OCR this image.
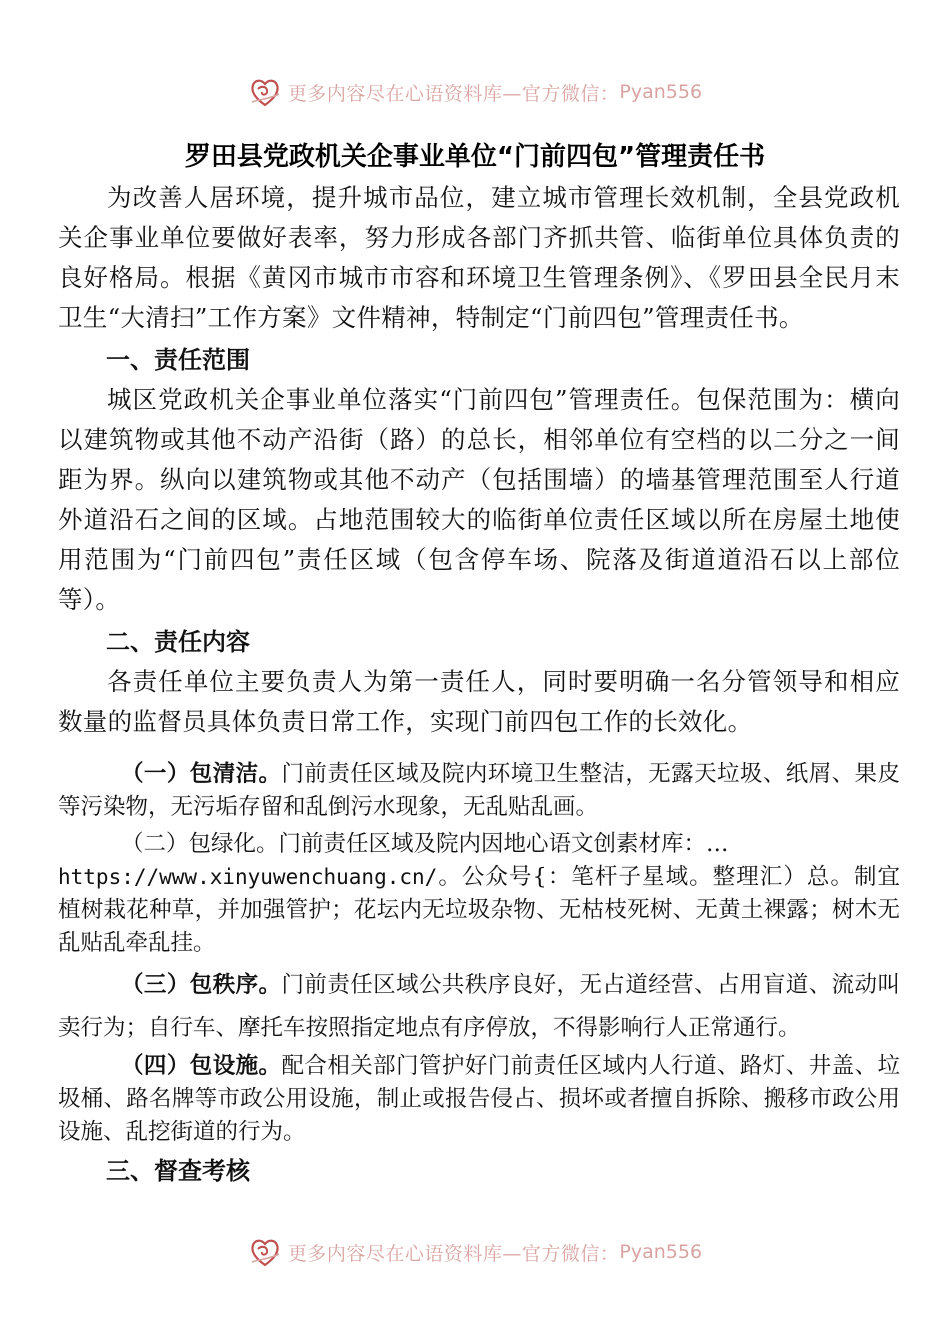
更多内容尽在心语资料库—官方微信： Pyan556
罗田县党政机关企事业单位“门前四包”管理责任书

为改善人居环境，提升城市品位，建立城市管理长效机制，全县党政机关企事业单位要做好表率，努力形成各部门齐抓共管、临街单位具体负责的良好格局。根据《黄冈市城市市容和环境卫生管理条例》、《罗田县全民月末卫生“大清扫”工作方案》文件精神，特制定“门前四包”管理责任书。

一、责任范围

城区党政机关企事业单位落实“门前四包”管理责任。包保范围为：横向以建筑物或其他不动产沿街（路）的总长，相邻单位有空档的以二分之一间距为界。纵向以建筑物或其他不动产（包括围墙）的墙基管理范围至人行道外道沿石之间的区域。占地范围较大的临街单位责任区域以所在房屋土地使用范围为“门前四包”责任区域（包含停车场、院落及街道道沿石以上部位等）。

二、责任内容

各责任单位主要负责人为第一责任人，同时要明确一名分管领导和相应数量的监督员具体负责日常工作，实现门前四包工作的长效化。

（一）包清洁。门前责任区域及院内环境卫生整洁，无露天垃圾、纸屑、果皮等污染物，无污垢存留和乱倒污水现象，无乱贴乱画。

（二）包绿化。门前责任区域及院内因地心语文创素材库：…
https://www.xinyuwenchuang.cn/。公众号{：笔杆子星域。整理汇）总。制宜植树栽花种草，并加强管护；花坛内无垃圾杂物、无枯枝死树、无黄土裸露；树木无乱贴乱牵乱挂。

（三）包秩序。门前责任区域公共秩序良好，无占道经营、占用盲道、流动叫卖行为；自行车、摩托车按照指定地点有序停放，不得影响行人正常通行。

（四）包设施。配合相关部门管护好门前责任区域内人行道、路灯、井盖、垃圾桶、路名牌等市政公用设施，制止或报告侵占、损坏或者擅自拆除、搬移市政公用设施、乱挖街道的行为。

三、督查考核

更多内容尽在心语资料库—官方微信： Pyan556
